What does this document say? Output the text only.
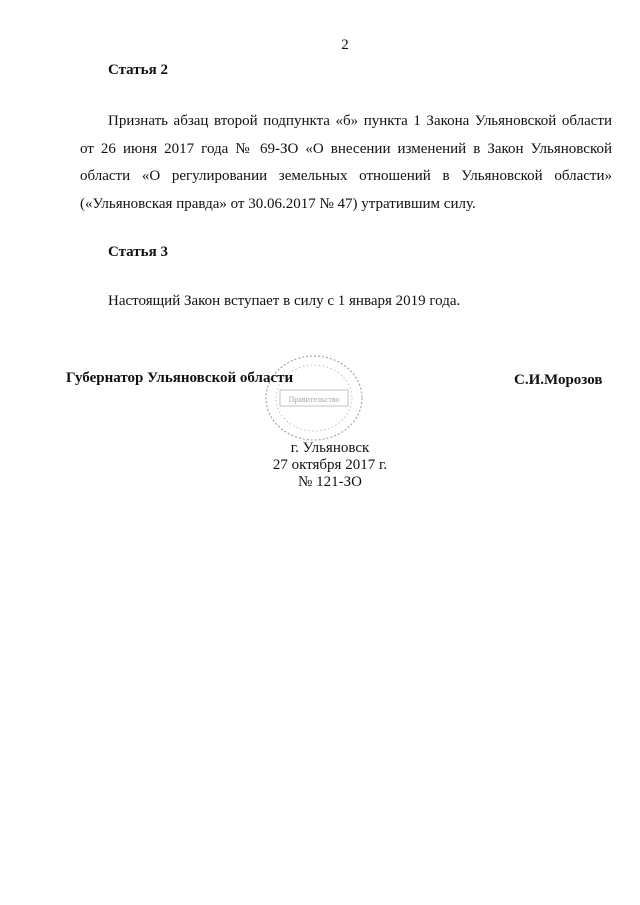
2
Статья 2
Признать абзац второй подпункта «б» пункта 1 Закона Ульяновской области от 26 июня 2017 года № 69-ЗО «О внесении изменений в Закон Ульяновской области «О регулировании земельных отношений в Ульяновской области» («Ульяновская правда» от 30.06.2017 № 47) утратившим силу.
Статья 3
Настоящий Закон вступает в силу с 1 января 2019 года.
Правительство
Губернатор Ульяновской области	С.И.Морозов
г. Ульяновск
27 октября 2017 г.
№ 121-ЗО
